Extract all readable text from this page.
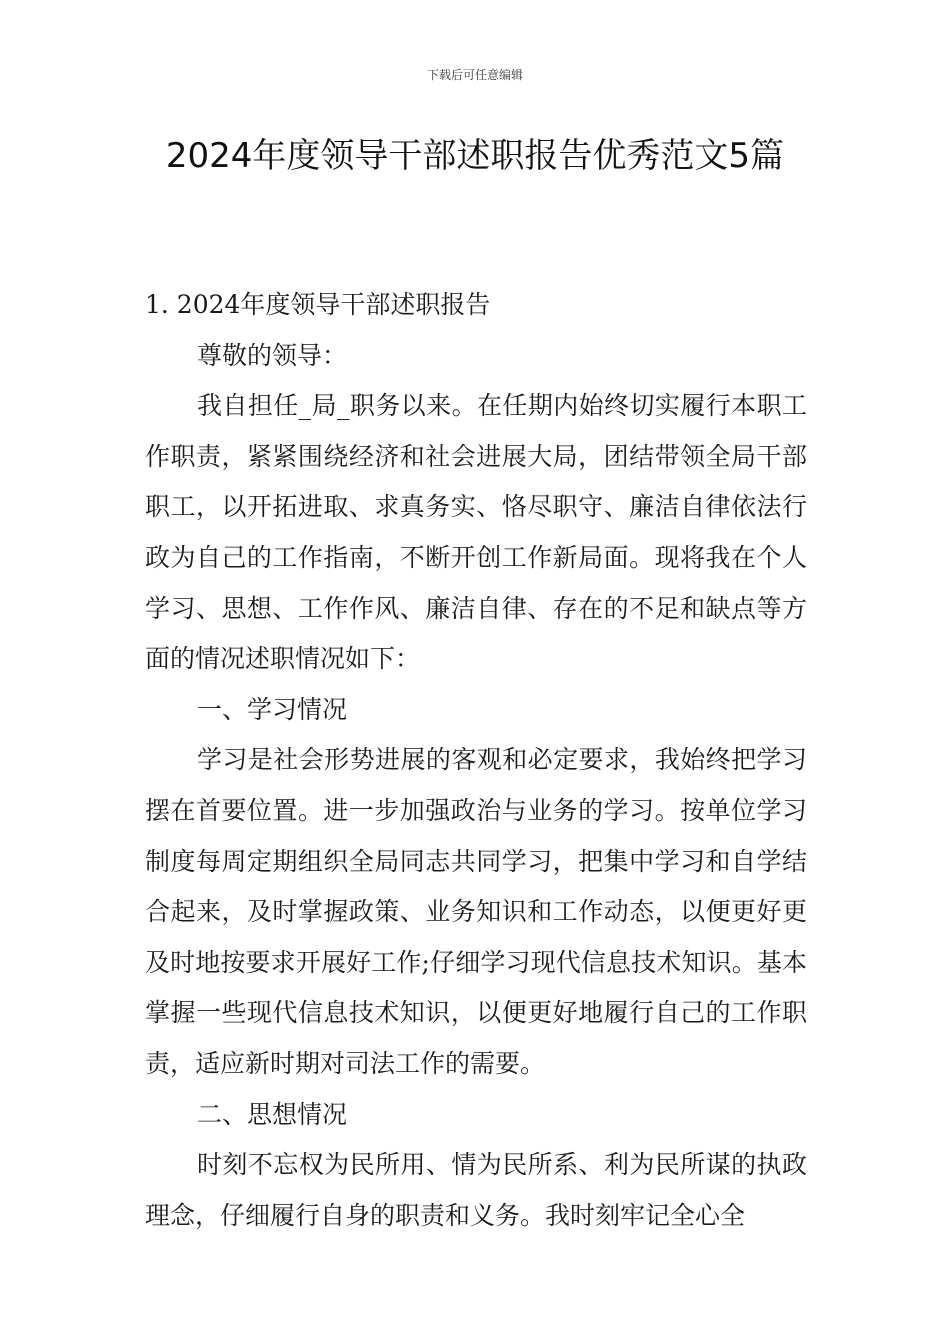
下载后可任意编辑
2024年度领导干部述职报告优秀范文5篇

1. 2024年度领导干部述职报告

尊敬的领导：

我自担任_局_职务以来。在任期内始终切实履行本职工作职责，紧紧围绕经济和社会进展大局，团结带领全局干部职工，以开拓进取、求真务实、恪尽职守、廉洁自律依法行政为自己的工作指南，不断开创工作新局面。现将我在个人学习、思想、工作作风、廉洁自律、存在的不足和缺点等方面的情况述职情况如下：

一、学习情况

学习是社会形势进展的客观和必定要求，我始终把学习摆在首要位置。进一步加强政治与业务的学习。按单位学习制度每周定期组织全局同志共同学习，把集中学习和自学结合起来，及时掌握政策、业务知识和工作动态，以便更好更及时地按要求开展好工作;仔细学习现代信息技术知识。基本掌握一些现代信息技术知识，以便更好地履行自己的工作职责，适应新时期对司法工作的需要。

二、思想情况

时刻不忘权为民所用、情为民所系、利为民所谋的执政理念，仔细履行自身的职责和义务。我时刻牢记全心全
